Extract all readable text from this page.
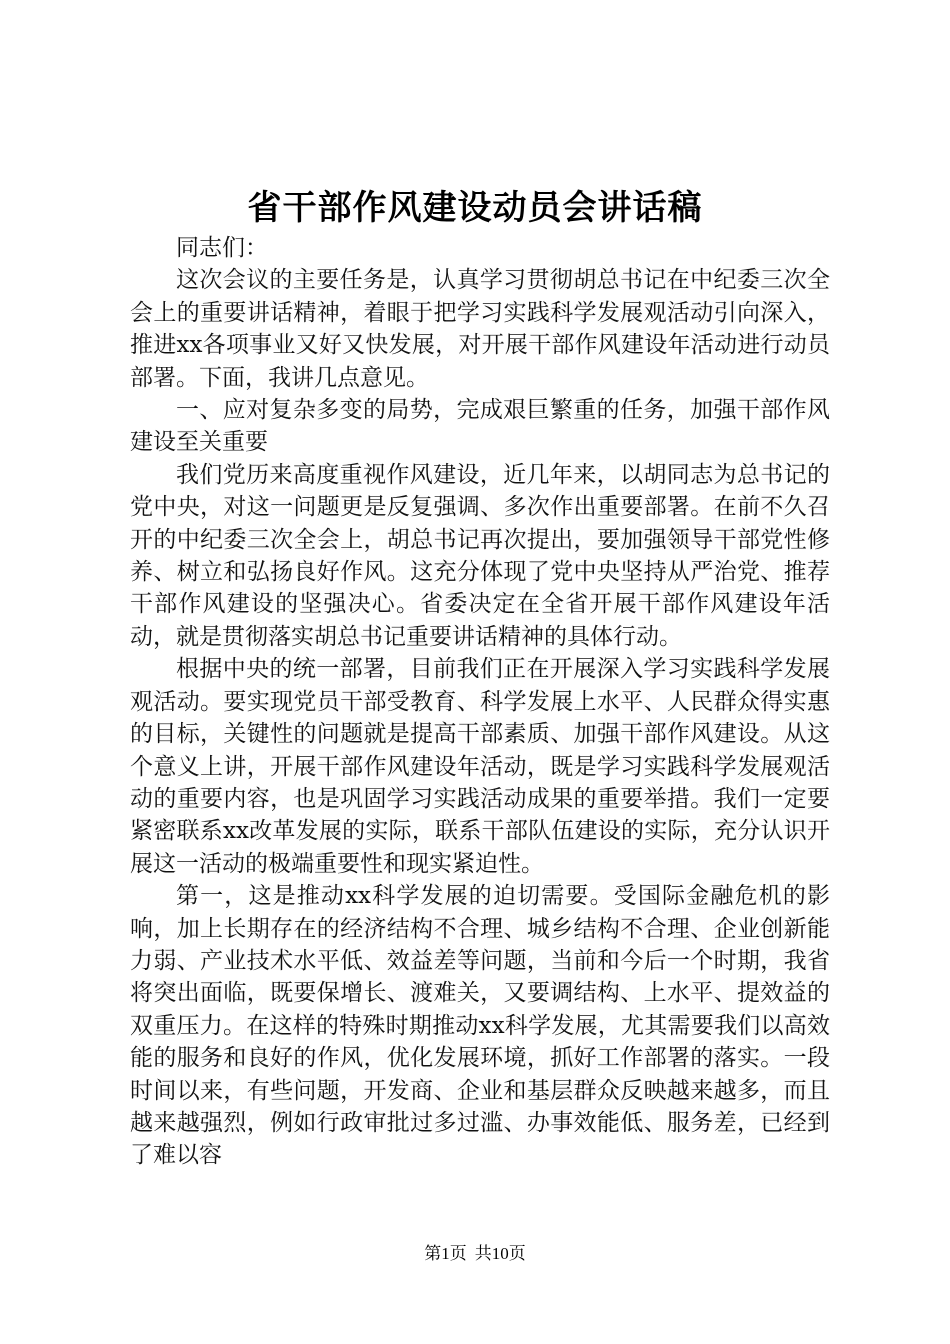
省干部作风建设动员会讲话稿

同志们：

这次会议的主要任务是，认真学习贯彻胡总书记在中纪委三次全会上的重要讲话精神，着眼于把学习实践科学发展观活动引向深入，推进xx各项事业又好又快发展，对开展干部作风建设年活动进行动员部署。下面，我讲几点意见。

一、应对复杂多变的局势，完成艰巨繁重的任务，加强干部作风建设至关重要

我们党历来高度重视作风建设，近几年来，以胡同志为总书记的党中央，对这一问题更是反复强调、多次作出重要部署。在前不久召开的中纪委三次全会上，胡总书记再次提出，要加强领导干部党性修养、树立和弘扬良好作风。这充分体现了党中央坚持从严治党、推荐干部作风建设的坚强决心。省委决定在全省开展干部作风建设年活动，就是贯彻落实胡总书记重要讲话精神的具体行动。

根据中央的统一部署，目前我们正在开展深入学习实践科学发展观活动。要实现党员干部受教育、科学发展上水平、人民群众得实惠的目标，关键性的问题就是提高干部素质、加强干部作风建设。从这个意义上讲，开展干部作风建设年活动，既是学习实践科学发展观活动的重要内容，也是巩固学习实践活动成果的重要举措。我们一定要紧密联系xx改革发展的实际，联系干部队伍建设的实际，充分认识开展这一活动的极端重要性和现实紧迫性。

第一，这是推动xx科学发展的迫切需要。受国际金融危机的影响，加上长期存在的经济结构不合理、城乡结构不合理、企业创新能力弱、产业技术水平低、效益差等问题，当前和今后一个时期，我省将突出面临，既要保增长、渡难关，又要调结构、上水平、提效益的双重压力。在这样的特殊时期推动xx科学发展，尤其需要我们以高效能的服务和良好的作风，优化发展环境，抓好工作部署的落实。一段时间以来，有些问题，开发商、企业和基层群众反映越来越多，而且越来越强烈，例如行政审批过多过滥、办事效能低、服务差，已经到了难以容

第1页 共10页
